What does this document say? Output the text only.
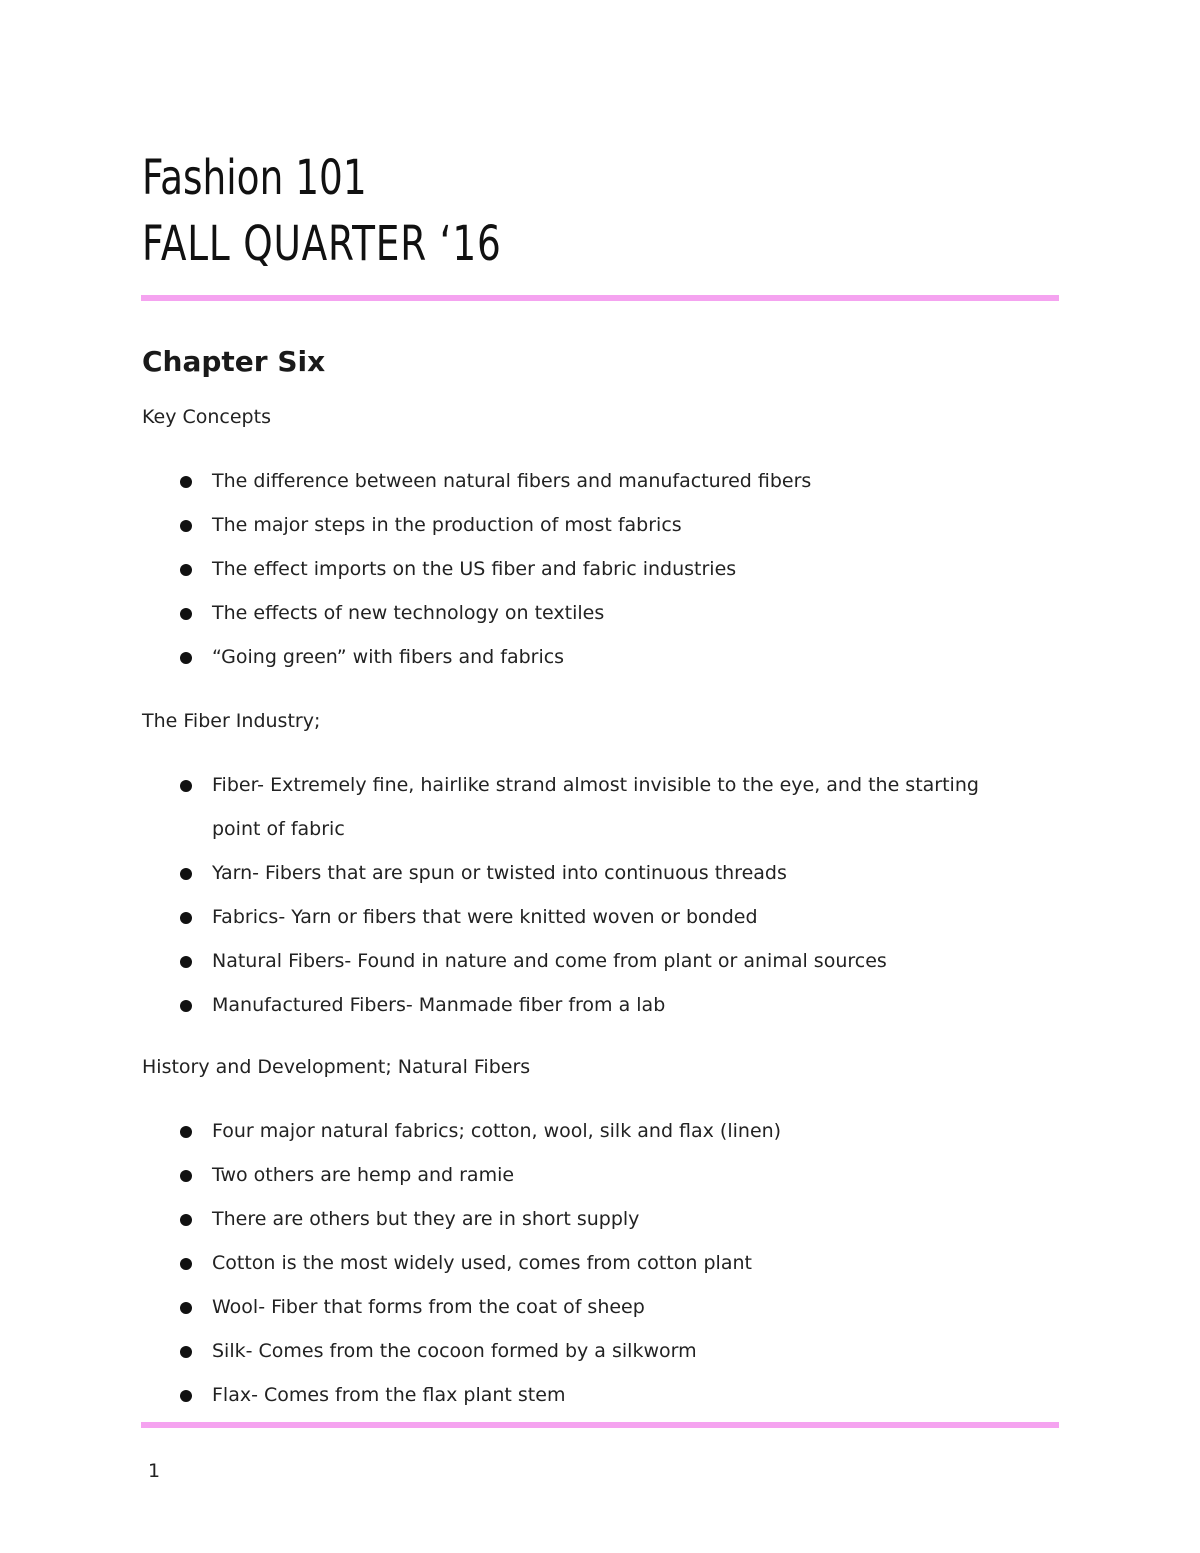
Fashion 101
FALL QUARTER ‘16
Chapter Six

Key Concepts

The difference between natural fibers and manufactured fibers
The major steps in the production of most fabrics
The effect imports on the US fiber and fabric industries
The effects of new technology on textiles
“Going green” with fibers and fabrics

The Fiber Industry;

Fiber- Extremely fine, hairlike strand almost invisible to the eye, and the starting point of fabric
Yarn- Fibers that are spun or twisted into continuous threads
Fabrics- Yarn or fibers that were knitted woven or bonded
Natural Fibers- Found in nature and come from plant or animal sources
Manufactured Fibers- Manmade fiber from a lab

History and Development; Natural Fibers

Four major natural fabrics; cotton, wool, silk and flax (linen)
Two others are hemp and ramie
There are others but they are in short supply
Cotton is the most widely used, comes from cotton plant
Wool- Fiber that forms from the coat of sheep
Silk- Comes from the cocoon formed by a silkworm
Flax- Comes from the flax plant stem
1
